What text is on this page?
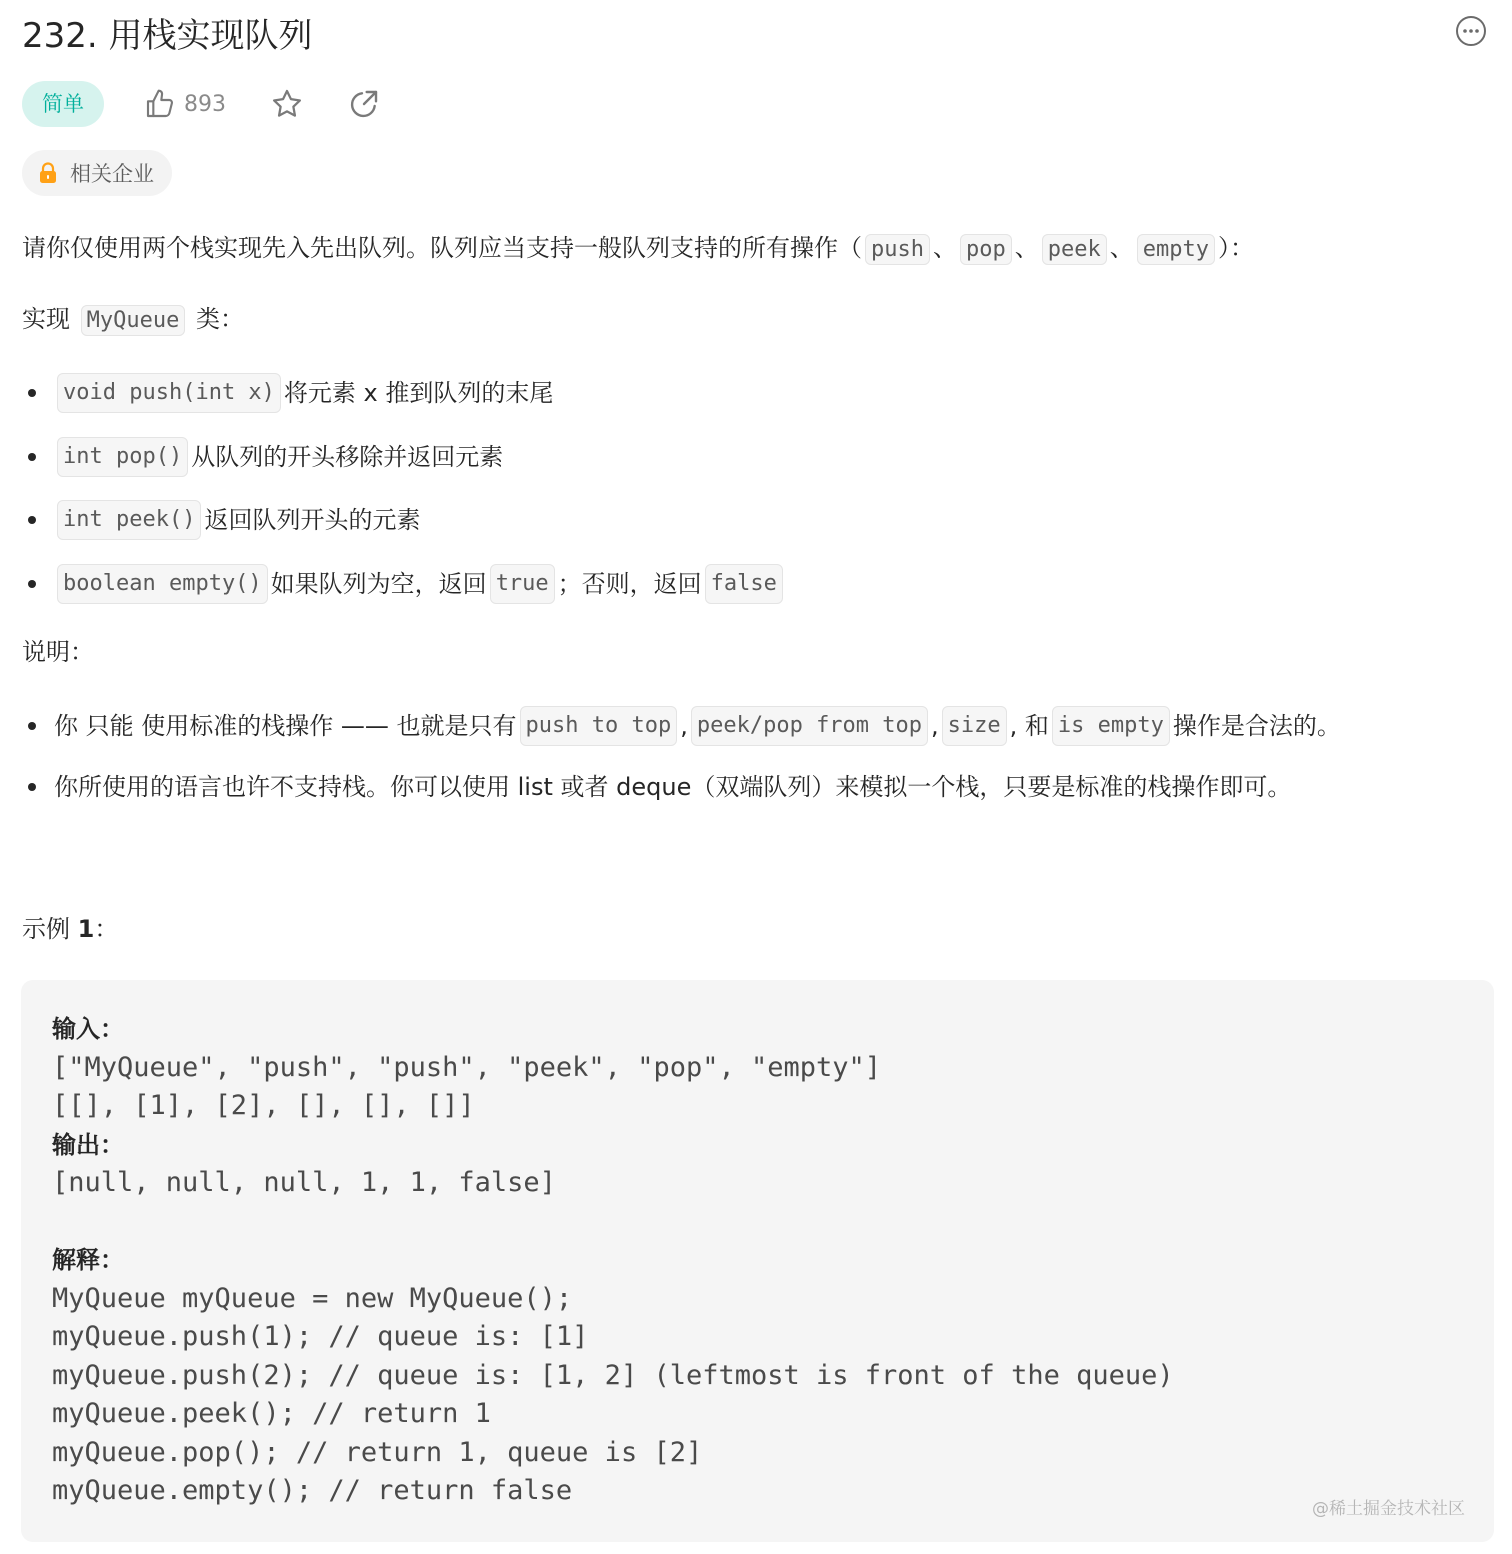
232. 用栈实现队列
简单	893
相关企业
请你仅使用两个栈实现先入先出队列。队列应当支持一般队列支持的所有操作（ push 、 pop 、 peek 、 empty ）：
实现 MyQueue 类：
void push(int x) 将元素 x 推到队列的末尾
int pop() 从队列的开头移除并返回元素
int peek() 返回队列开头的元素
boolean empty() 如果队列为空，返回 true ；否则，返回 false
说明：
你 只能 使用标准的栈操作 —— 也就是只有 push to top , peek/pop from top , size , 和 is empty 操作是合法的。
你所使用的语言也许不支持栈。你可以使用 list 或者 deque（双端队列）来模拟一个栈，只要是标准的栈操作即可。
示例 1：
输入：
["MyQueue", "push", "push", "peek", "pop", "empty"]
[[], [1], [2], [], [], []]
输出：
[null, null, null, 1, 1, false]

解释：
MyQueue myQueue = new MyQueue();
myQueue.push(1); // queue is: [1]
myQueue.push(2); // queue is: [1, 2] (leftmost is front of the queue)
myQueue.peek(); // return 1
myQueue.pop(); // return 1, queue is [2]
myQueue.empty(); // return false
@稀土掘金技术社区
